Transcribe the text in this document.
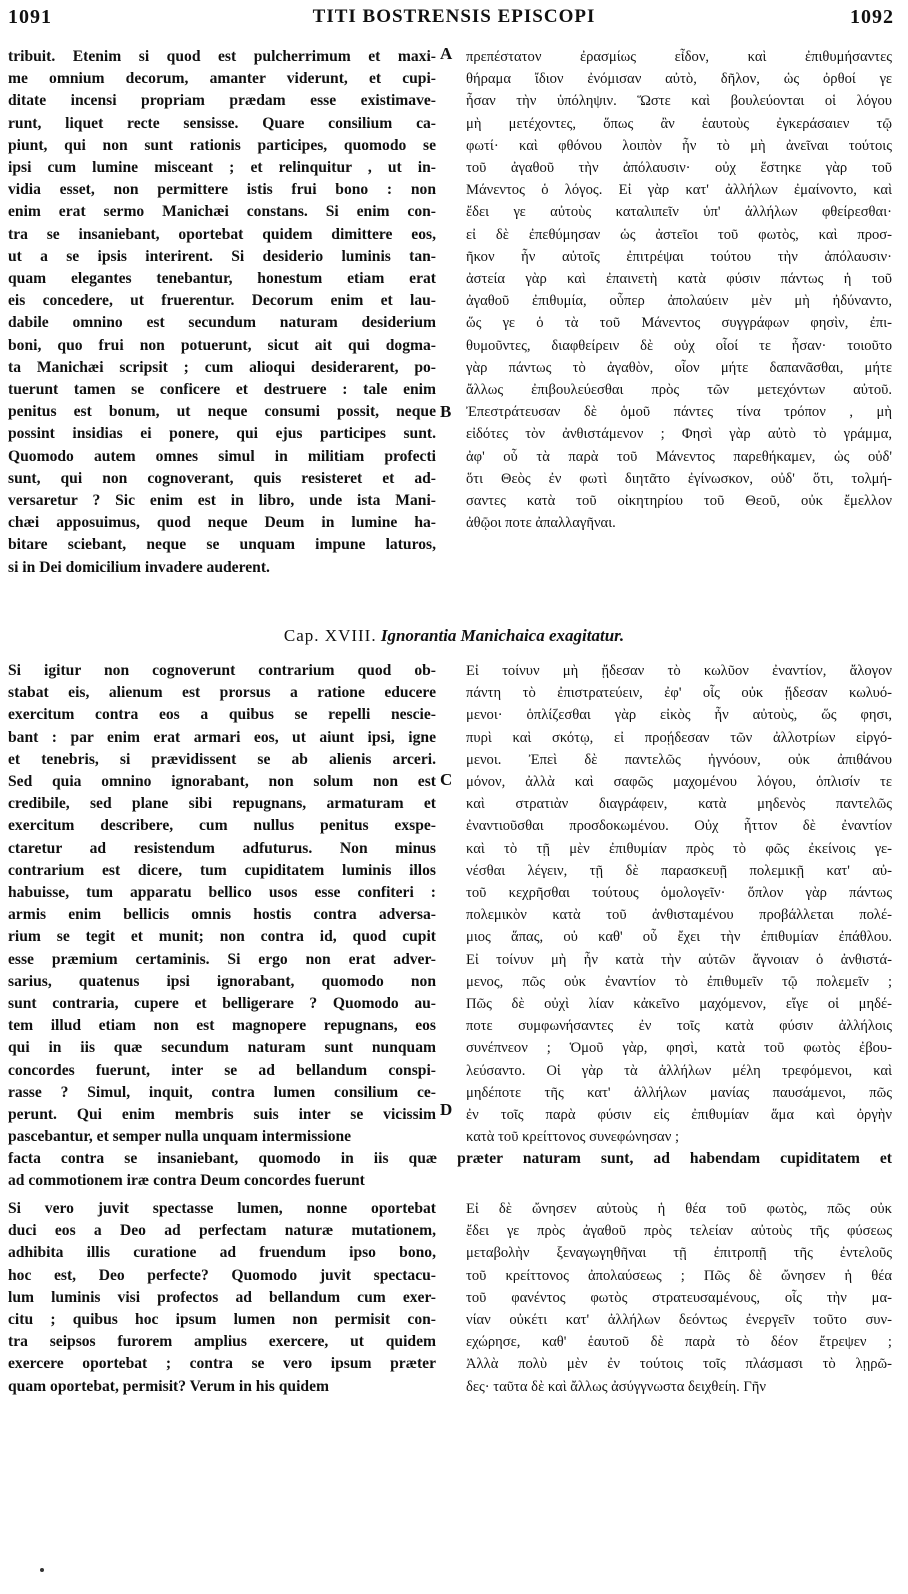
1091	TITI BOSTRENSIS EPISCOPI	1092
A
B
C
D
tribuit. Etenim si quod est pulcherrimum et maxi-
me omnium decorum, amanter viderunt, et cupi-
ditate incensi propriam prædam esse existimave-
runt, liquet recte sensisse. Quare consilium ca-
piunt, qui non sunt rationis participes, quomodo se
ipsi cum lumine misceant ; et relinquitur , ut in-
vidia esset, non permittere istis frui bono : non
enim erat sermo Manichæi constans. Si enim con-
tra se insaniebant, oportebat quidem dimittere eos,
ut a se ipsis interirent. Si desiderio luminis tan-
quam elegantes tenebantur, honestum etiam erat
eis concedere, ut fruerentur. Decorum enim et lau-
dabile omnino est secundum naturam desiderium
boni, quo frui non potuerunt, sicut ait qui dogma-
ta Manichæi scripsit ; cum alioqui desiderarent, po-
tuerunt tamen se conficere et destruere : tale enim
penitus est bonum, ut neque consumi possit, neque
possint insidias ei ponere, qui ejus participes sunt.
Quomodo autem omnes simul in militiam profecti
sunt, qui non cognoverant, quis resisteret et ad-
versaretur ? Sic enim est in libro, unde ista Mani-
chæi apposuimus, quod neque Deum in lumine ha-
bitare sciebant, neque se unquam impune laturos,
si in Dei domicilium invadere auderent.
πρεπέστατον ἐρασμίως εἶδον, καὶ ἐπιθυμήσαντες
θήραμα ἴδιον ἐνόμισαν αὐτὸ, δῆλον, ὡς ὀρθοί γε
ἦσαν τὴν ὑπόληψιν. Ὥστε καὶ βουλεύονται οἱ λόγου
μὴ μετέχοντες, ὅπως ἂν ἑαυτοὺς ἐγκεράσαιεν τῷ
φωτί· καὶ φθόνου λοιπὸν ἦν τὸ μὴ ἀνεῖναι τούτοις
τοῦ ἀγαθοῦ τὴν ἀπόλαυσιν· οὐχ ἕστηκε γὰρ τοῦ
Μάνεντος ὁ λόγος. Εἰ γὰρ κατ' ἀλλήλων ἐμαίνοντο, καὶ
ἔδει γε αὐτοὺς καταλιπεῖν ὑπ' ἀλλήλων φθείρεσθαι·
εἰ δὲ ἐπεθύμησαν ὡς ἀστεῖοι τοῦ φωτὸς, καὶ προσ-
ῆκον ἦν αὐτοῖς ἐπιτρέψαι τούτου τὴν ἀπόλαυσιν·
ἀστεία γὰρ καὶ ἐπαινετὴ κατὰ φύσιν πάντως ἡ τοῦ
ἀγαθοῦ ἐπιθυμία, οὗπερ ἀπολαύειν μὲν μὴ ἠδύναντο,
ὥς γε ὁ τὰ τοῦ Μάνεντος συγγράφων φησὶν, ἐπι-
θυμοῦντες, διαφθείρειν δὲ οὐχ οἷοί τε ἦσαν· τοιοῦτο
γὰρ πάντως τὸ ἀγαθὸν, οἷον μήτε δαπανᾶσθαι, μήτε
ἄλλως ἐπιβουλεύεσθαι πρὸς τῶν μετεχόντων αὐτοῦ.
Ἐπεστράτευσαν δὲ ὁμοῦ πάντες τίνα τρόπον , μὴ
εἰδότες τὸν ἀνθιστάμενον ; Φησὶ γὰρ αὐτὸ τὸ γράμμα,
ἀφ' οὗ τὰ παρὰ τοῦ Μάνεντος παρεθήκαμεν, ὡς οὐδ'
ὅτι Θεὸς ἐν φωτὶ διητᾶτο ἐγίνωσκον, οὐδ' ὅτι, τολμή-
σαντες κατὰ τοῦ οἰκητηρίου τοῦ Θεοῦ, οὐκ ἔμελλον
ἀθῷοι ποτε ἀπαλλαγῆναι.
Cap. XVIII. Ignorantia Manichaica exagitatur.
Si igitur non cognoverunt contrarium quod ob-
stabat eis, alienum est prorsus a ratione educere
exercitum contra eos a quibus se repelli nescie-
bant : par enim erat armari eos, ut aiunt ipsi, igne
et tenebris, si prævidissent se ab alienis arceri.
Sed quia omnino ignorabant, non solum non est
credibile, sed plane sibi repugnans, armaturam et
exercitum describere, cum nullus penitus exspe-
ctaretur ad resistendum adfuturus. Non minus
contrarium est dicere, tum cupiditatem luminis illos
habuisse, tum apparatu bellico usos esse confiteri :
armis enim bellicis omnis hostis contra adversa-
rium se tegit et munit; non contra id, quod cupit
esse præmium certaminis. Si ergo non erat adver-
sarius, quatenus ipsi ignorabant, quomodo non
sunt contraria, cupere et belligerare ? Quomodo au-
tem illud etiam non est magnopere repugnans, eos
qui in iis quæ secundum naturam sunt nunquam
concordes fuerunt, inter se ad bellandum conspi-
rasse ? Simul, inquit, contra lumen consilium ce-
perunt. Qui enim membris suis inter se vicissim
pascebantur, et semper nulla unquam intermissione
Εἰ τοίνυν μὴ ᾔδεσαν τὸ κωλῦον ἐναντίον, ἄλογον
πάντη τὸ ἐπιστρατεύειν, ἐφ' οἷς οὐκ ᾔδεσαν κωλυό-
μενοι· ὁπλίζεσθαι γὰρ εἰκὸς ἦν αὐτοὺς, ὥς φησι,
πυρὶ καὶ σκότῳ, εἰ προῄδεσαν τῶν ἀλλοτρίων εἰργό-
μενοι. Ἐπεὶ δὲ παντελῶς ἠγνόουν, οὐκ ἀπιθάνου
μόνον, ἀλλὰ καὶ σαφῶς μαχομένου λόγου, ὁπλισίν τε
καὶ στρατιὰν διαγράφειν, κατὰ μηδενὸς παντελῶς
ἐναντιοῦσθαι προσδοκωμένου. Οὐχ ἧττον δὲ ἐναντίον
καὶ τὸ τῇ μὲν ἐπιθυμίαν πρὸς τὸ φῶς ἐκείνοις γε-
νέσθαι λέγειν, τῇ δὲ παρασκευῇ πολεμικῇ κατ' αὐ-
τοῦ κεχρῆσθαι τούτους ὁμολογεῖν· ὅπλον γὰρ πάντως
πολεμικὸν κατὰ τοῦ ἀνθισταμένου προβάλλεται πολέ-
μιος ἅπας, οὐ καθ' οὗ ἔχει τὴν ἐπιθυμίαν ἐπάθλου.
Εἰ τοίνυν μὴ ἦν κατὰ τὴν αὐτῶν ἄγνοιαν ὁ ἀνθιστά-
μενος, πῶς οὐκ ἐναντίον τὸ ἐπιθυμεῖν τῷ πολεμεῖν ;
Πῶς δὲ οὐχὶ λίαν κἀκεῖνο μαχόμενον, εἴγε οἱ μηδέ-
ποτε συμφωνήσαντες ἐν τοῖς κατὰ φύσιν ἀλλήλοις
συνέπνεον ; Ὁμοῦ γὰρ, φησὶ, κατὰ τοῦ φωτὸς ἐβου-
λεύσαντο. Οἱ γὰρ τὰ ἀλλήλων μέλη τρεφόμενοι, καὶ
μηδέποτε τῆς κατ' ἀλλήλων μανίας παυσάμενοι, πῶς
ἐν τοῖς παρὰ φύσιν εἰς ἐπιθυμίαν ἅμα καὶ ὀργὴν
κατὰ τοῦ κρείττονος συνεφώνησαν ;
facta contra se insaniebant, quomodo in iis quæ præter naturam sunt, ad habendam cupiditatem et
ad commotionem iræ contra Deum concordes fuerunt
Si vero juvit spectasse lumen, nonne oportebat
duci eos a Deo ad perfectam naturæ mutationem,
adhibita illis curatione ad fruendum ipso bono,
hoc est, Deo perfecte? Quomodo juvit spectacu-
lum luminis visi profectos ad bellandum cum exer-
citu ; quibus hoc ipsum lumen non permisit con-
tra seipsos furorem amplius exercere, ut quidem
exercere oportebat ; contra se vero ipsum præter
quam oportebat, permisit? Verum in his quidem
Εἰ δὲ ὤνησεν αὐτοὺς ἡ θέα τοῦ φωτὸς, πῶς οὐκ
ἔδει γε πρὸς ἀγαθοῦ πρὸς τελείαν αὐτοὺς τῆς φύσεως
μεταβολὴν ξεναγωγηθῆναι τῇ ἐπιτροπῇ τῆς ἐντελοῦς
τοῦ κρείττονος ἀπολαύσεως ; Πῶς δὲ ὤνησεν ἡ θέα
τοῦ φανέντος φωτὸς στρατευσαμένους, οἷς τὴν μα-
νίαν οὐκέτι κατ' ἀλλήλων δεόντως ἐνεργεῖν τοῦτο συν-
εχώρησε, καθ' ἑαυτοῦ δὲ παρὰ τὸ δέον ἔτρεψεν ;
Ἀλλὰ πολὺ μὲν ἐν τούτοις τοῖς πλάσμασι τὸ λῃρῶ-
δες· ταῦτα δὲ καὶ ἄλλως ἀσύγγνωστα δειχθείη. Γῆν
